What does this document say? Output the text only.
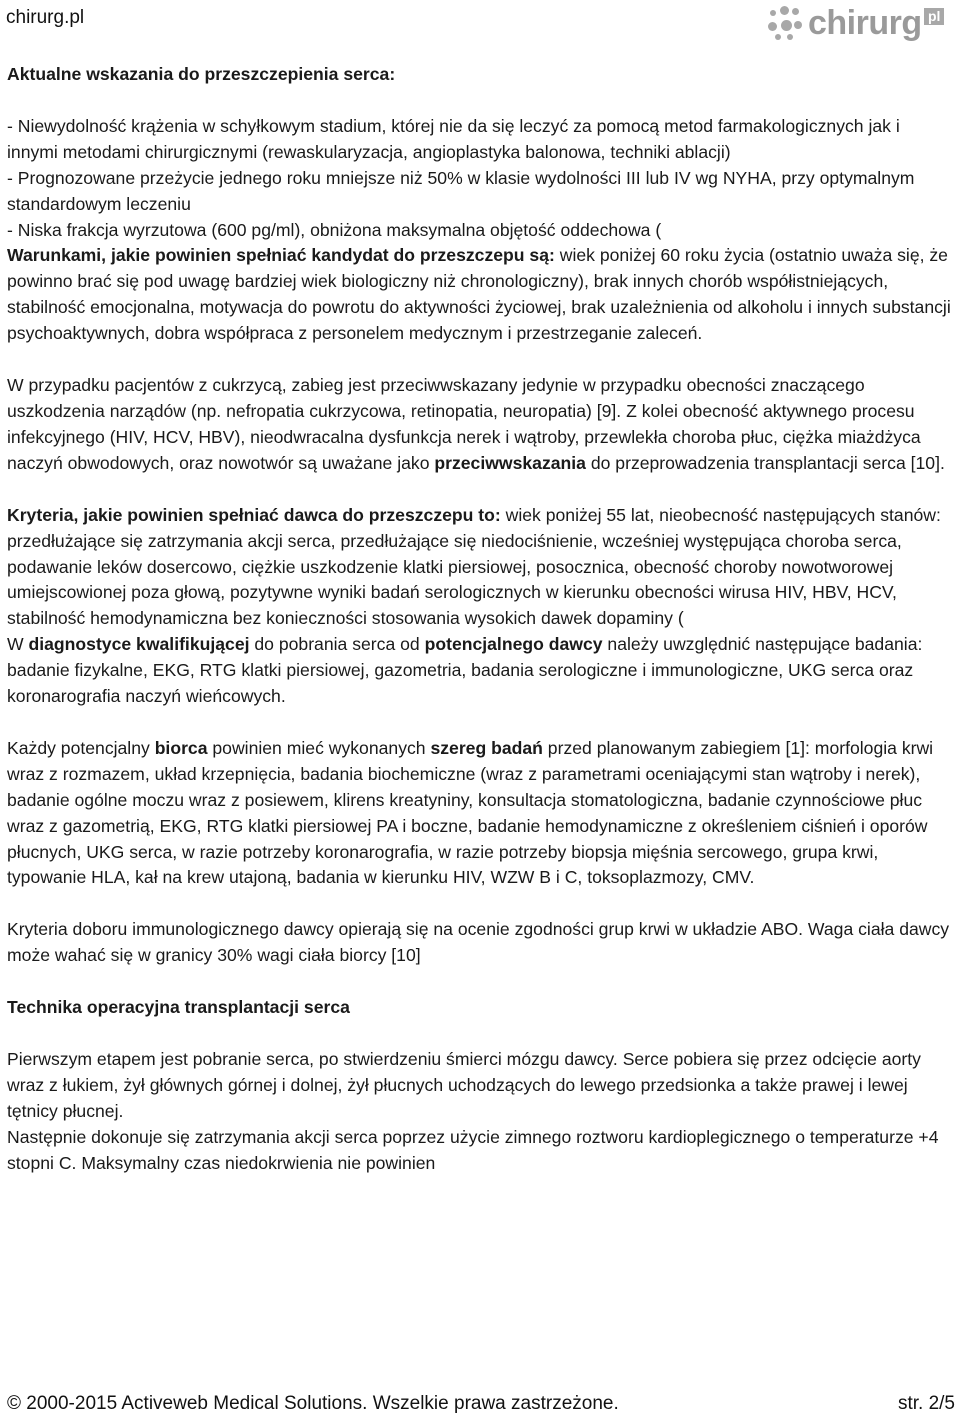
chirurg.pl	chirurg pl

Aktualne wskazania do przeszczepienia serca:

- Niewydolność krążenia w schyłkowym stadium, której nie da się leczyć za pomocą metod farmakologicznych jak i innymi metodami chirurgicznymi (rewaskularyzacja, angioplastyka balonowa, techniki ablacji)

- Prognozowane przeżycie jednego roku mniejsze niż 50% w klasie wydolności III lub IV wg NYHA, przy optymalnym standardowym leczeniu

- Niska frakcja wyrzutowa (600 pg/ml), obniżona maksymalna objętość oddechowa (

Warunkami, jakie powinien spełniać kandydat do przeszczepu są: wiek poniżej 60 roku życia (ostatnio uważa się, że powinno brać się pod uwagę bardziej wiek biologiczny niż chronologiczny), brak innych chorób współistniejących, stabilność emocjonalna, motywacja do powrotu do aktywności życiowej, brak uzależnienia od alkoholu i innych substancji psychoaktywnych, dobra współpraca z personelem medycznym i przestrzeganie zaleceń.

W przypadku pacjentów z cukrzycą, zabieg jest przeciwwskazany jedynie w przypadku obecności znaczącego uszkodzenia narządów (np. nefropatia cukrzycowa, retinopatia, neuropatia) [9]. Z kolei obecność aktywnego procesu infekcyjnego (HIV, HCV, HBV), nieodwracalna dysfunkcja nerek i wątroby, przewlekła choroba płuc, ciężka miażdżyca naczyń obwodowych, oraz nowotwór są uważane jako przeciwwskazania do przeprowadzenia transplantacji serca [10].

Kryteria, jakie powinien spełniać dawca do przeszczepu to: wiek poniżej 55 lat, nieobecność następujących stanów: przedłużające się zatrzymania akcji serca, przedłużające się niedociśnienie, wcześniej występująca choroba serca, podawanie leków dosercowo, ciężkie uszkodzenie klatki piersiowej, posocznica, obecność choroby nowotworowej umiejscowionej poza głową, pozytywne wyniki badań serologicznych w kierunku obecności wirusa HIV, HBV, HCV, stabilność hemodynamiczna bez konieczności stosowania wysokich dawek dopaminy (

W diagnostyce kwalifikującej do pobrania serca od potencjalnego dawcy należy uwzględnić następujące badania: badanie fizykalne, EKG, RTG klatki piersiowej, gazometria, badania serologiczne i immunologiczne, UKG serca oraz koronarografia naczyń wieńcowych.

Każdy potencjalny biorca powinien mieć wykonanych szereg badań przed planowanym zabiegiem [1]: morfologia krwi wraz z rozmazem, układ krzepnięcia, badania biochemiczne (wraz z parametrami oceniającymi stan wątroby i nerek), badanie ogólne moczu wraz z posiewem, klirens kreatyniny, konsultacja stomatologiczna, badanie czynnościowe płuc wraz z gazometrią, EKG, RTG klatki piersiowej PA i boczne, badanie hemodynamiczne z określeniem ciśnień i oporów płucnych, UKG serca, w razie potrzeby koronarografia, w razie potrzeby biopsja mięśnia sercowego, grupa krwi, typowanie HLA, kał na krew utajoną, badania w kierunku HIV, WZW B i C, toksoplazmozy, CMV.

Kryteria doboru immunologicznego dawcy opierają się na ocenie zgodności grup krwi w układzie ABO. Waga ciała dawcy może wahać się w granicy 30% wagi ciała biorcy [10]

Technika operacyjna transplantacji serca

Pierwszym etapem jest pobranie serca, po stwierdzeniu śmierci mózgu dawcy. Serce pobiera się przez odcięcie aorty wraz z łukiem, żył głównych górnej i dolnej, żył płucnych uchodzących do lewego przedsionka a także prawej i lewej tętnicy płucnej.

Następnie dokonuje się zatrzymania akcji serca poprzez użycie zimnego roztworu kardioplegicznego o temperaturze +4 stopni C. Maksymalny czas niedokrwienia nie powinien

© 2000-2015 Activeweb Medical Solutions. Wszelkie prawa zastrzeżone.	str. 2/5
